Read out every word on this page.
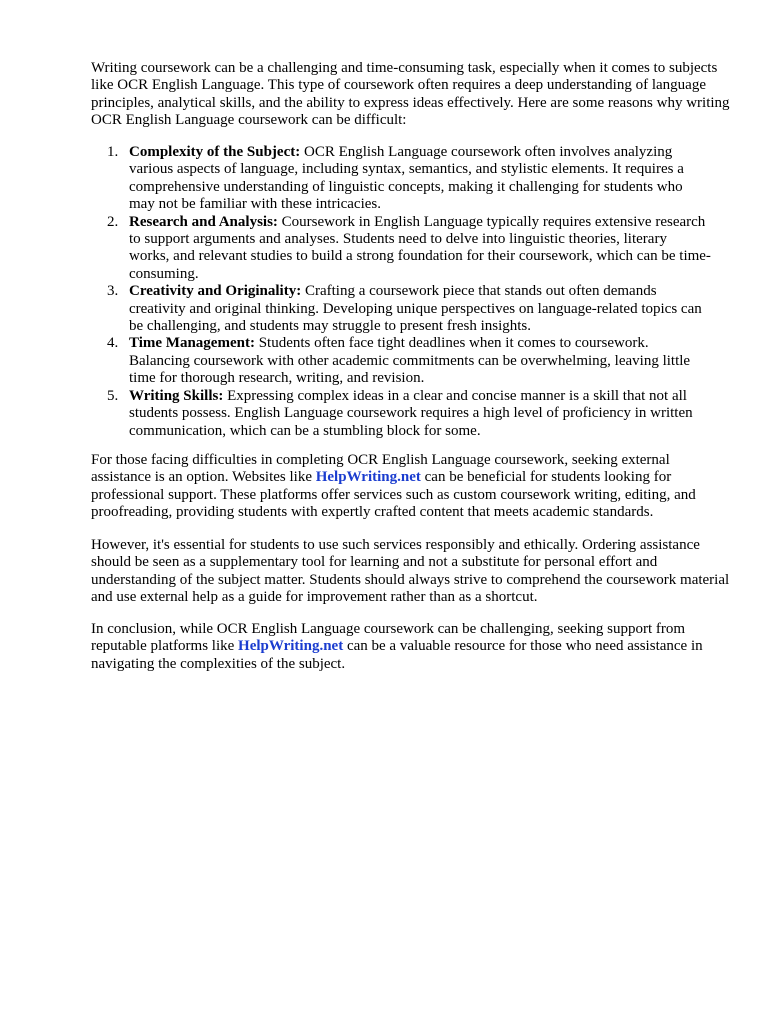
Writing coursework can be a challenging and time-consuming task, especially when it comes to subjects like OCR English Language. This type of coursework often requires a deep understanding of language principles, analytical skills, and the ability to express ideas effectively. Here are some reasons why writing OCR English Language coursework can be difficult:

1. Complexity of the Subject: OCR English Language coursework often involves analyzing various aspects of language, including syntax, semantics, and stylistic elements. It requires a comprehensive understanding of linguistic concepts, making it challenging for students who may not be familiar with these intricacies.
2. Research and Analysis: Coursework in English Language typically requires extensive research to support arguments and analyses. Students need to delve into linguistic theories, literary works, and relevant studies to build a strong foundation for their coursework, which can be time-consuming.
3. Creativity and Originality: Crafting a coursework piece that stands out often demands creativity and original thinking. Developing unique perspectives on language-related topics can be challenging, and students may struggle to present fresh insights.
4. Time Management: Students often face tight deadlines when it comes to coursework. Balancing coursework with other academic commitments can be overwhelming, leaving little time for thorough research, writing, and revision.
5. Writing Skills: Expressing complex ideas in a clear and concise manner is a skill that not all students possess. English Language coursework requires a high level of proficiency in written communication, which can be a stumbling block for some.

For those facing difficulties in completing OCR English Language coursework, seeking external assistance is an option. Websites like HelpWriting.net can be beneficial for students looking for professional support. These platforms offer services such as custom coursework writing, editing, and proofreading, providing students with expertly crafted content that meets academic standards.

However, it's essential for students to use such services responsibly and ethically. Ordering assistance should be seen as a supplementary tool for learning and not a substitute for personal effort and understanding of the subject matter. Students should always strive to comprehend the coursework material and use external help as a guide for improvement rather than as a shortcut.

In conclusion, while OCR English Language coursework can be challenging, seeking support from reputable platforms like HelpWriting.net can be a valuable resource for those who need assistance in navigating the complexities of the subject.
